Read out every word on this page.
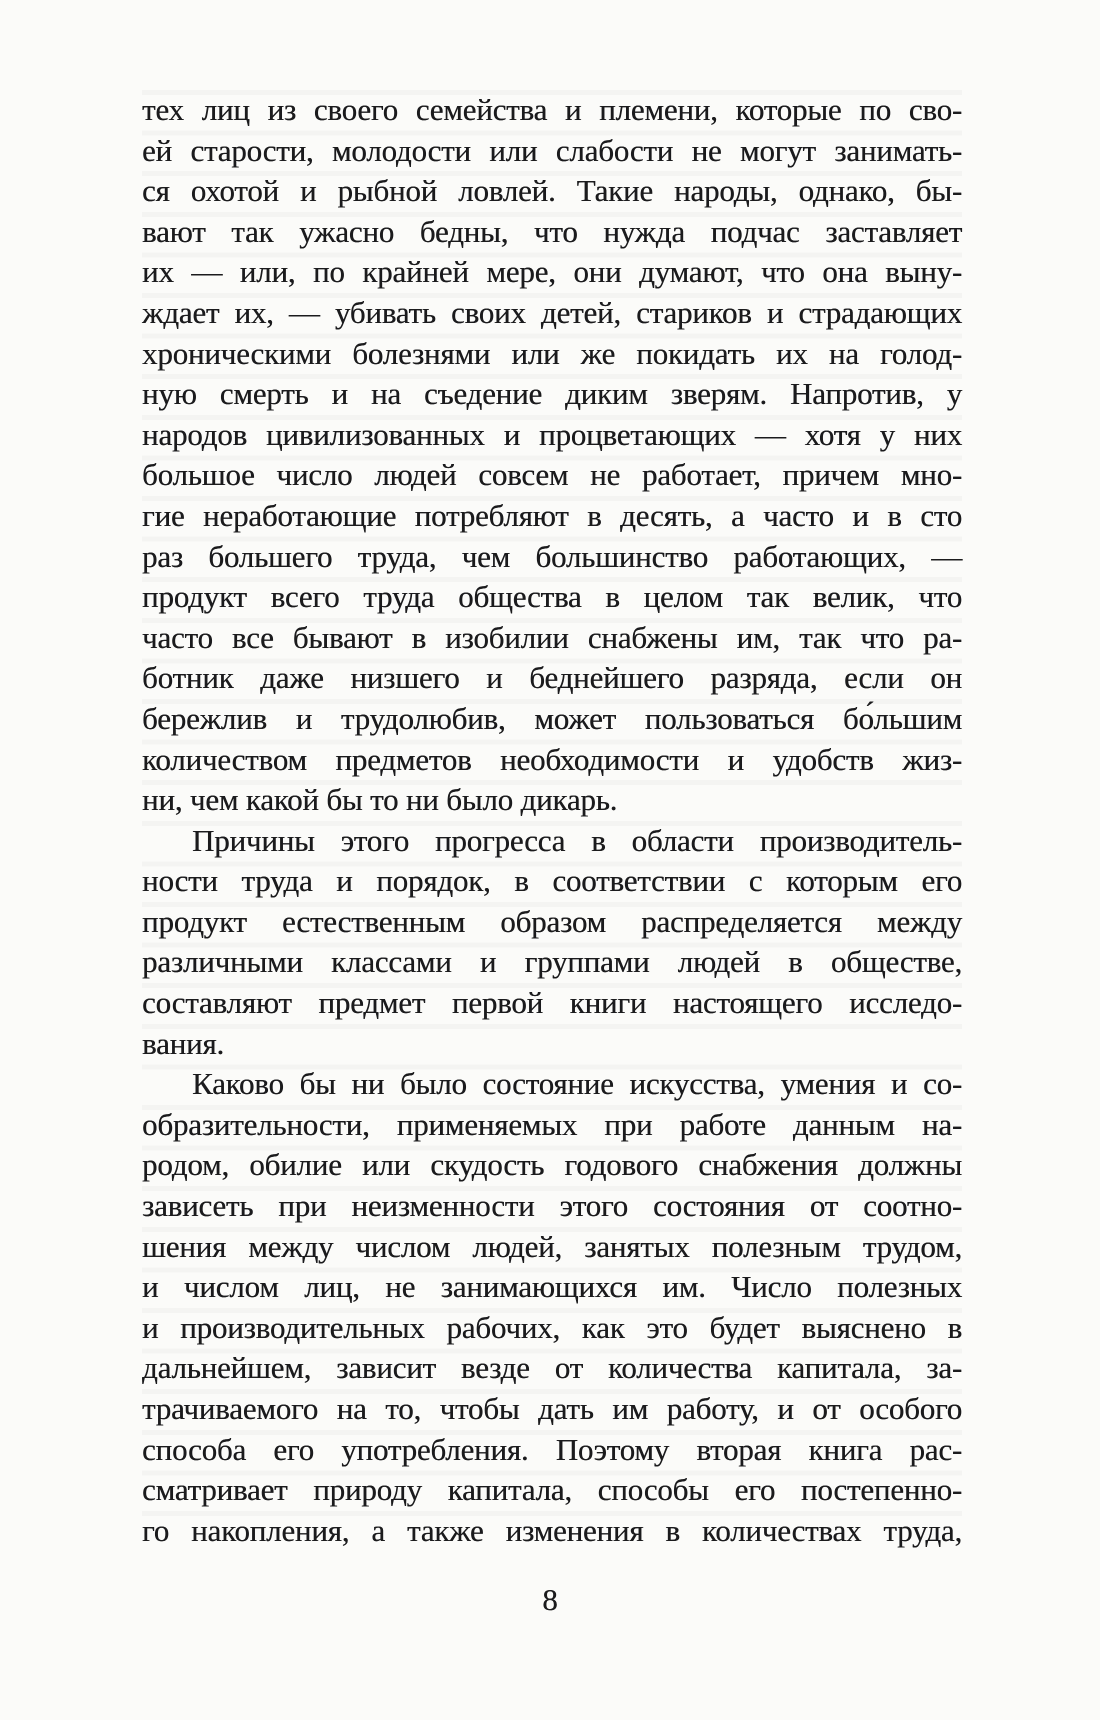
тех лиц из своего семейства и племени, которые по сво-
ей старости, молодости или слабости не могут занимать-
ся охотой и рыбной ловлей. Такие народы, однако, бы-
вают так ужасно бедны, что нужда подчас заставляет
их — или, по крайней мере, они думают, что она выну-
ждает их, — убивать своих детей, стариков и страдающих
хроническими болезнями или же покидать их на голод-
ную смерть и на съедение диким зверям. Напротив, у
народов цивилизованных и процветающих — хотя у них
большое число людей совсем не работает, причем мно-
гие неработающие потребляют в десять, а часто и в сто
раз большего труда, чем большинство работающих, —
продукт всего труда общества в целом так велик, что
часто все бывают в изобилии снабжены им, так что ра-
ботник даже низшего и беднейшего разряда, если он
бережлив и трудолюбив, может пользоваться бо́льшим
количеством предметов необходимости и удобств жиз-
ни, чем какой бы то ни было дикарь.
Причины этого прогресса в области производитель-
ности труда и порядок, в соответствии с которым его
продукт естественным образом распределяется между
различными классами и группами людей в обществе,
составляют предмет первой книги настоящего исследо-
вания.
Каково бы ни было состояние искусства, умения и со-
образительности, применяемых при работе данным на-
родом, обилие или скудость годового снабжения должны
зависеть при неизменности этого состояния от соотно-
шения между числом людей, занятых полезным трудом,
и числом лиц, не занимающихся им. Число полезных
и производительных рабочих, как это будет выяснено в
дальнейшем, зависит везде от количества капитала, за-
трачиваемого на то, чтобы дать им работу, и от особого
способа его употребления. Поэтому вторая книга рас-
сматривает природу капитала, способы его постепенно-
го накопления, а также изменения в количествах труда,
8
